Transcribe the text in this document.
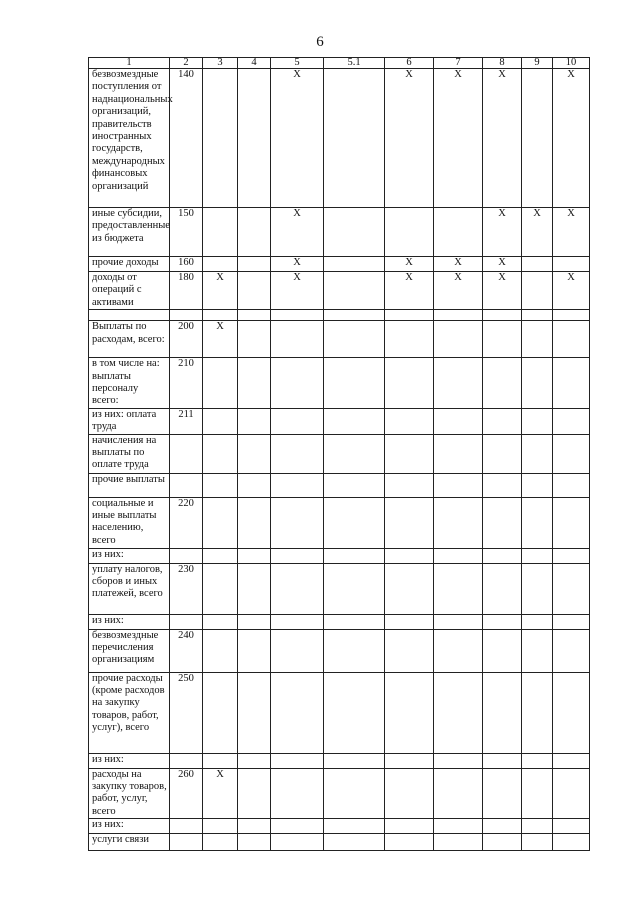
6
1	2	3	4	5	5.1	6	7	8	9	10
безвозмездные поступления от наднациональных организаций, правительств иностранных государств, международных финансовых организаций	140			X		X	X	X		X
иные субсидии, предоставленные из бюджета	150			X				X	X	X
прочие доходы	160			X		X	X	X		
доходы от операций с активами	180	X		X		X	X	X		X

Выплаты по расходам, всего:	200	X								
в том числе на: выплаты персоналу всего:	210									
из них: оплата труда	211									
начисления на выплаты по оплате труда										
прочие выплаты										
социальные и иные выплаты населению, всего	220									
из них:										
уплату налогов, сборов и иных платежей, всего	230									
из них:										
безвозмездные перечисления организациям	240									
прочие расходы (кроме расходов на закупку товаров, работ, услуг), всего	250									
из них:										
расходы на закупку товаров, работ, услуг, всего	260	X								
из них:										
услуги связи										
